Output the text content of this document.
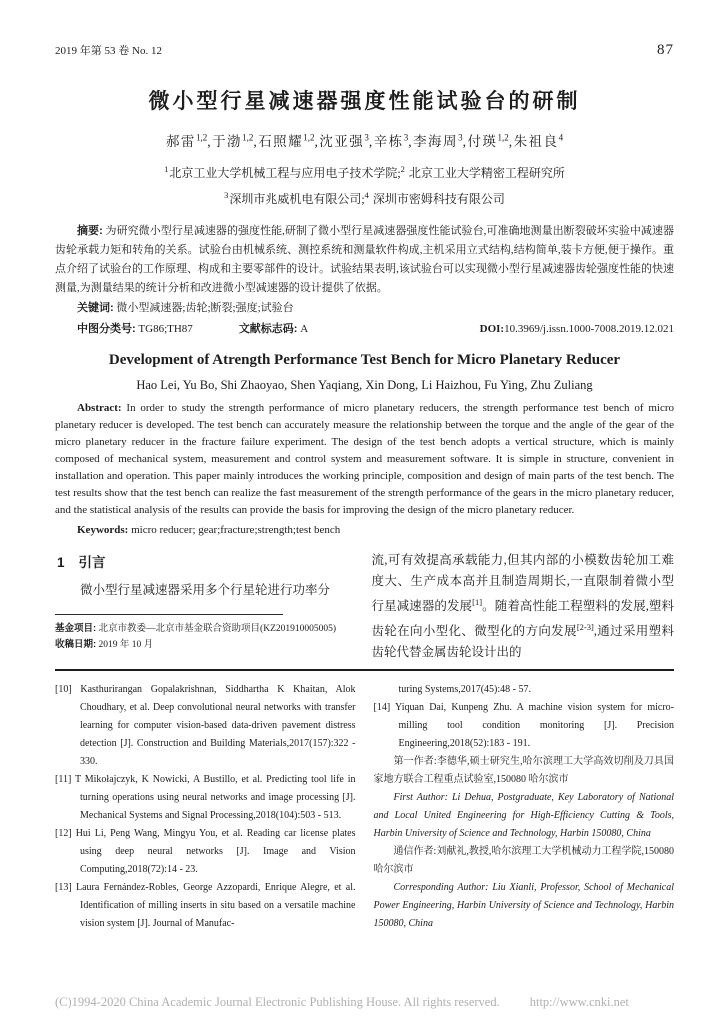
2019 年第 53 卷 No. 12	87
微小型行星减速器强度性能试验台的研制
郝雷$^{1,2}$,于渤$^{1,2}$,石照耀$^{1,2}$,沈亚强$^3$,辛栋$^3$,李海周$^3$,付瑛$^{1,2}$,朱祖良$^4$
$^1$北京工业大学机械工程与应用电子技术学院;$^2$ 北京工业大学精密工程研究所
$^3$深圳市兆威机电有限公司;$^4$ 深圳市密姆科技有限公司

摘要: 为研究微小型行星减速器的强度性能,研制了微小型行星减速器强度性能试验台,可准确地测量出断裂破坏实验中减速器齿轮承载力矩和转角的关系。试验台由机械系统、测控系统和测量软件构成,主机采用立式结构,结构简单,装卡方便,便于操作。重点介绍了试验台的工作原理、构成和主要零部件的设计。试验结果表明,该试验台可以实现微小型行星减速器齿轮强度性能的快速测量,为测量结果的统计分析和改进微小型减速器的设计提供了依据。

关键词: 微小型减速器;齿轮;断裂;强度;试验台

中图分类号: TG86;TH87	文献标志码: A	DOI:10.3969/j.issn.1000-7008.2019.12.021
Development of Atrength Performance Test Bench for Micro Planetary Reducer
Hao Lei, Yu Bo, Shi Zhaoyao, Shen Yaqiang, Xin Dong, Li Haizhou, Fu Ying, Zhu Zuliang

Abstract: In order to study the strength performance of micro planetary reducers, the strength performance test bench of micro planetary reducer is developed. The test bench can accurately measure the relationship between the torque and the angle of the gear of the micro planetary reducer in the fracture failure experiment. The design of the test bench adopts a vertical structure, which is mainly composed of mechanical system, measurement and control system and measurement software. It is simple in structure, convenient in installation and operation. This paper mainly introduces the working principle, composition and design of main parts of the test bench. The test results show that the test bench can realize the fast measurement of the strength performance of the gears in the micro planetary reducer, and the statistical analysis of the results can provide the basis for improving the design of the micro planetary reducer.

Keywords: micro reducer; gear;fracture;strength;test bench

1 引言

微小型行星减速器采用多个行星轮进行功率分

基金项目: 北京市教委—北京市基金联合资助项目(KZ201910005005)

收稿日期: 2019 年 10 月

流,可有效提高承载能力,但其内部的小模数齿轮加工难度大、生产成本高并且制造周期长,一直限制着微小型行星减速器的发展[1]。随着高性能工程塑料的发展,塑料齿轮在向小型化、微型化的方向发展[2-3],通过采用塑料齿轮代替金属齿轮设计出的

[10] Kasthurirangan Gopalakrishnan, Siddhartha K Khaitan, Alok Choudhary, et al. Deep convolutional neural networks with transfer learning for computer vision-based data-driven pavement distress detection [J]. Construction and Building Materials,2017(157):322 - 330.

[11] T Mikołajczyk, K Nowicki, A Bustillo, et al. Predicting tool life in turning operations using neural networks and image processing [J]. Mechanical Systems and Signal Processing,2018(104):503 - 513.

[12] Hui Li, Peng Wang, Mingyu You, et al. Reading car license plates using deep neural networks [J]. Image and Vision Computing,2018(72):14 - 23.

[13] Laura Fernández-Robles, George Azzopardi, Enrique Alegre, et al. Identification of milling inserts in situ based on a versatile machine vision system [J]. Journal of Manufac-

turing Systems,2017(45):48 - 57.

[14] Yiquan Dai, Kunpeng Zhu. A machine vision system for micro-milling tool condition monitoring [J]. Precision Engineering,2018(52):183 - 191.

第一作者:李德华,硕士研究生,哈尔滨理工大学高效切削及刀具国家地方联合工程重点试验室,150080 哈尔滨市

First Author: Li Dehua, Postgraduate, Key Laboratory of National and Local United Engineering for High-Efficiency Cutting & Tools, Harbin University of Science and Technology, Harbin 150080, China

通信作者:刘献礼,教授,哈尔滨理工大学机械动力工程学院,150080 哈尔滨市

Corresponding Author: Liu Xianli, Professor, School of Mechanical Power Engineering, Harbin University of Science and Technology, Harbin 150080, China

(C)1994-2020 China Academic Journal Electronic Publishing House. All rights reserved. http://www.cnki.net
